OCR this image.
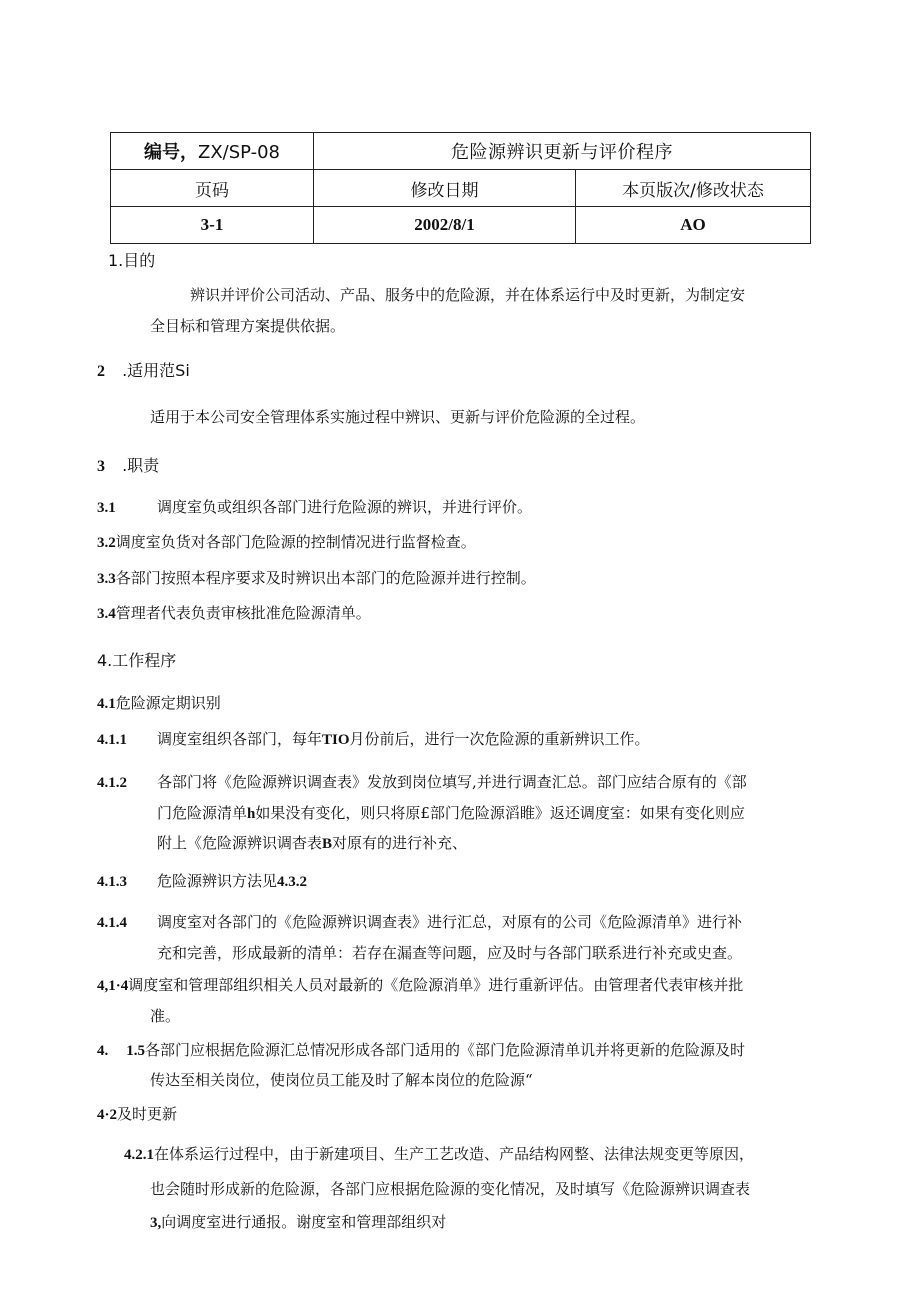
编号，ZX/SP-08	危险源辨识更新与评价程序	
页码	修改日期	本页版次/修改状态
3-1	2002/8/1	AO
1.目的
辨识并评价公司活动、产品、服务中的危险源，并在体系运行中及时更新，为制定安
全目标和管理方案提供依据。
2 .适用范Si
适用于本公司安全管理体系实施过程中辨识、更新与评价危险源的全过程。
3 .职责
3.1	调度室负或组织各部门进行危险源的辨识，并进行评价。
3.2调度室负货对各部门危险源的控制情况进行监督检查。
3.3各部门按照本程序要求及时辨识出本部门的危险源并进行控制。
3.4管理者代表负责审核批准危险源清单。
4.工作程序
4.1危险源定期识别
4.1.1 调度室组织各部门，每年TIO月份前后，进行一次危险源的重新辨识工作。
4.1.2 各部门将《危险源辨识调查表》发放到岗位填写,并进行调查汇总。部门应结合原有的《部
门危险源清单h如果没有变化，则只将原£部门危险源滔睢》返还调度室：如果有变化则应
附上《危险源辨识调杳表B对原有的进行补充、
4.1.3 危险源辨识方法见4.3.2
4.1.4 调度室对各部门的《危险源辨识调查表》进行汇总，对原有的公司《危险源清单》进行补
充和完善，形成最新的清单：若存在漏查等问题，应及时与各部门联系进行补充或史查。
4,1·4调度室和管理部组织相关人员对最新的《危险源消单》进行重新评估。由管理者代表审核并批
准。
4. 1.5各部门应根据危险源汇总情况形成各部门适用的《部门危险源清单讥并将更新的危险源及时
传达至相关岗位，使岗位员工能及时了解本岗位的危险源“
4·2及时更新
4.2.1在体系运行过程中，由于新建项目、生产工艺改造、产品结构网整、法律法规变更等原因，
也会随时形成新的危险源，各部门应根据危险源的变化情况，及时填写《危险源辨识调查表
3,向调度室进行通报。谢度室和管理部组织对
